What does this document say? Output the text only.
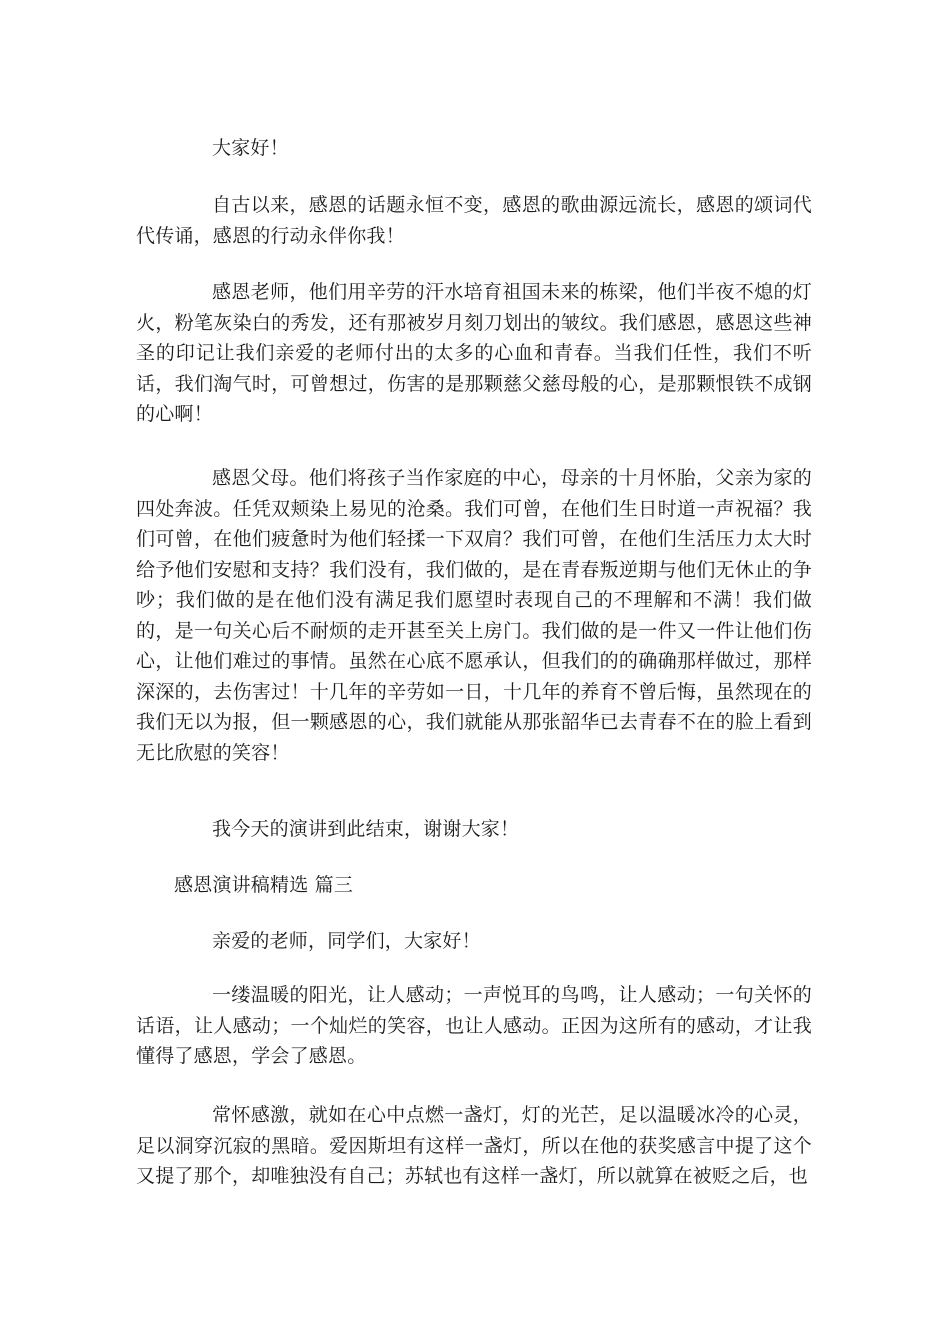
大家好！

自古以来，感恩的话题永恒不变，感恩的歌曲源远流长，感恩的颂词代代传诵，感恩的行动永伴你我！

感恩老师，他们用辛劳的汗水培育祖国未来的栋梁，他们半夜不熄的灯火，粉笔灰染白的秀发，还有那被岁月刻刀划出的皱纹。我们感恩，感恩这些神圣的印记让我们亲爱的老师付出的太多的心血和青春。当我们任性，我们不听话，我们淘气时，可曾想过，伤害的是那颗慈父慈母般的心，是那颗恨铁不成钢的心啊！

感恩父母。他们将孩子当作家庭的中心，母亲的十月怀胎，父亲为家的四处奔波。任凭双颊染上易见的沧桑。我们可曾，在他们生日时道一声祝福？我们可曾，在他们疲惫时为他们轻揉一下双肩？我们可曾，在他们生活压力太大时给予他们安慰和支持？我们没有，我们做的，是在青春叛逆期与他们无休止的争吵；我们做的是在他们没有满足我们愿望时表现自己的不理解和不满！我们做的，是一句关心后不耐烦的走开甚至关上房门。我们做的是一件又一件让他们伤心，让他们难过的事情。虽然在心底不愿承认，但我们的的确确那样做过，那样深深的，去伤害过！十几年的辛劳如一日，十几年的养育不曾后悔，虽然现在的我们无以为报，但一颗感恩的心，我们就能从那张韶华已去青春不在的脸上看到无比欣慰的笑容！

我今天的演讲到此结束，谢谢大家！

感恩演讲稿精选 篇三

亲爱的老师，同学们，大家好！

一缕温暖的阳光，让人感动；一声悦耳的鸟鸣，让人感动；一句关怀的话语，让人感动；一个灿烂的笑容，也让人感动。正因为这所有的感动，才让我懂得了感恩，学会了感恩。

常怀感激，就如在心中点燃一盏灯，灯的光芒，足以温暖冰冷的心灵，足以洞穿沉寂的黑暗。爱因斯坦有这样一盏灯，所以在他的获奖感言中提了这个又提了那个，却唯独没有自己；苏轼也有这样一盏灯，所以就算在被贬之后，也
